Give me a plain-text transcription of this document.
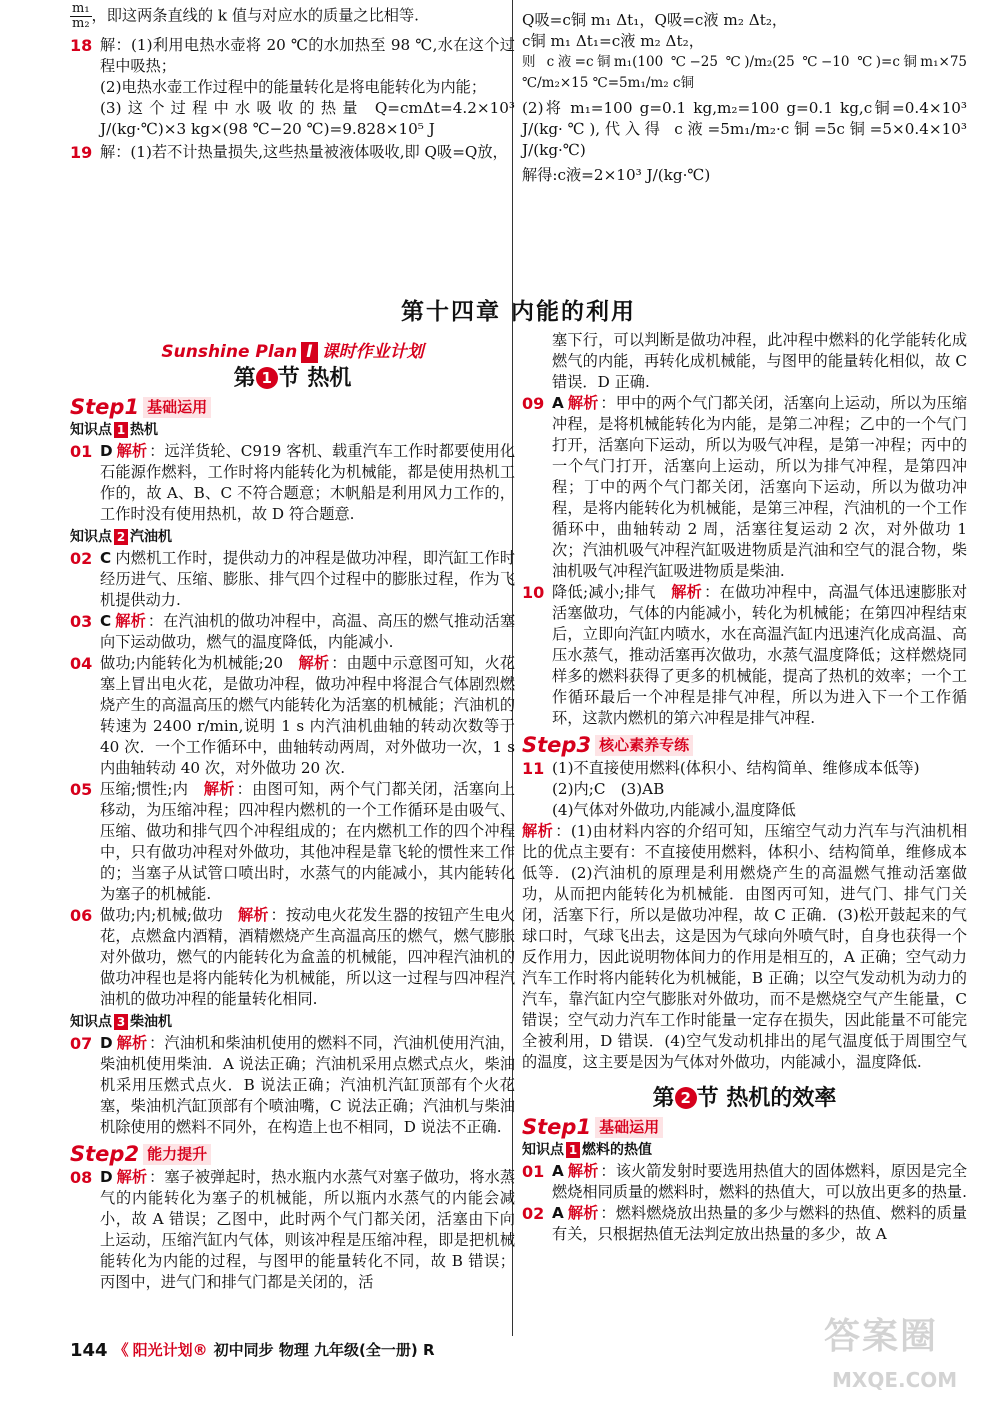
$\frac{\text{m₁}}{\text{m₂}}$ ，即这两条直线的 k 值与对应水的质量之比相等.
18 解：(1)利用电热水壶将 20 ℃的水加热至 98 ℃,水在这个过程中吸热；
(2)电热水壶工作过程中的能量转化是将电能转化为内能；
(3)这个过程中水吸收的热量 Q=cmΔt=4.2×10³ J/(kg·℃)×3 kg×(98 ℃−20 ℃)=9.828×10⁵ J
19 解：(1)若不计热量损失,这些热量被液体吸收,即 Q吸=Q放，
Q吸=c铜 m₁ Δt₁，Q吸=c液 m₂ Δt₂，
c铜 m₁ Δt₁=c液 m₂ Δt₂，
则 c液=c铜m₁(100 ℃−25 ℃)/m₂(25 ℃−10 ℃)=c铜m₁×75 ℃/m₂×15 ℃=5m₁/m₂ c铜
(2)将 m₁=100 g=0.1 kg,m₂=100 g=0.1 kg,c铜=0.4×10³ J/(kg·℃),代入得 c液=5m₁/m₂·c铜=5c铜=5×0.4×10³ J/(kg·℃)
解得:c液=2×10³ J/(kg·℃)
第十四章 内能的利用
Sunshine Plan I 课时作业计划
第 1 节 热机
Step 1 基础运用
知识点 1 热机
01 D 解析 ：远洋货轮、C919 客机、载重汽车工作时都要使用化石能源作燃料，工作时将内能转化为机械能，都是使用热机工作的，故 A、B、C 不符合题意；木帆船是利用风力工作的，工作时没有使用热机，故 D 符合题意.
知识点 2 汽油机
02 C 内燃机工作时，提供动力的冲程是做功冲程，即汽缸工作时经历进气、压缩、膨胀、排气四个过程中的膨胀过程，作为飞机提供动力.
03 C 解析 ：在汽油机的做功冲程中，高温、高压的燃气推动活塞向下运动做功，燃气的温度降低，内能减小.
04 做功;内能转化为机械能;20　 解析 ：由题中示意图可知，火花塞上冒出电火花，是做功冲程，做功冲程中将混合气体剧烈燃烧产生的高温高压的燃气内能转化为活塞的机械能；汽油机的转速为 2400 r/min,说明 1 s 内汽油机曲轴的转动次数等于 40 次．一个工作循环中，曲轴转动两周，对外做功一次，1 s 内曲轴转动 40 次，对外做功 20 次.
05 压缩;惯性;内　 解析 ：由图可知，两个气门都关闭，活塞向上移动，为压缩冲程；四冲程内燃机的一个工作循环是由吸气、压缩、做功和排气四个冲程组成的；在内燃机工作的四个冲程中，只有做功冲程对外做功，其他冲程是靠飞轮的惯性来工作的；当塞子从试管口喷出时，水蒸气的内能减小，其内能转化为塞子的机械能.
06 做功;内;机械;做功　 解析 ：按动电火花发生器的按钮产生电火花，点燃盒内酒精，酒精燃烧产生高温高压的燃气，燃气膨胀对外做功，燃气的内能转化为盒盖的机械能，四冲程汽油机的做功冲程也是将内能转化为机械能，所以这一过程与四冲程汽油机的做功冲程的能量转化相同.
知识点 3 柴油机
07 D 解析 ：汽油机和柴油机使用的燃料不同，汽油机使用汽油，柴油机使用柴油．A 说法正确；汽油机采用点燃式点火，柴油机采用压燃式点火．B 说法正确；汽油机汽缸顶部有个火花塞，柴油机汽缸顶部有个喷油嘴，C 说法正确；汽油机与柴油机除使用的燃料不同外，在构造上也不相同，D 说法不正确.
Step 2 能力提升
08 D 解析 ：塞子被弹起时，热水瓶内水蒸气对塞子做功，将水蒸气的内能转化为塞子的机械能，所以瓶内水蒸气的内能会减小，故 A 错误；乙图中，此时两个气门都关闭，活塞由下向上运动，压缩汽缸内气体，则该冲程是压缩冲程，即是把机械能转化为内能的过程，与图甲的能量转化不同，故 B 错误；丙图中，进气门和排气门都是关闭的，活
塞下行，可以判断是做功冲程，此冲程中燃料的化学能转化成燃气的内能，再转化成机械能，与图甲的能量转化相似，故 C 错误．D 正确.
09 A 解析 ：甲中的两个气门都关闭，活塞向上运动，所以为压缩冲程，是将机械能转化为内能，是第二冲程；乙中的一个气门打开，活塞向下运动，所以为吸气冲程，是第一冲程；丙中的一个气门打开，活塞向上运动，所以为排气冲程，是第四冲程；丁中的两个气门都关闭，活塞向下运动，所以为做功冲程，是将内能转化为机械能，是第三冲程，汽油机的一个工作循环中，曲轴转动 2 周，活塞往复运动 2 次，对外做功 1 次；汽油机吸气冲程汽缸吸进物质是汽油和空气的混合物，柴油机吸气冲程汽缸吸进物质是柴油.
10 降低;减小;排气　 解析 ：在做功冲程中，高温气体迅速膨胀对活塞做功，气体的内能减小，转化为机械能；在第四冲程结束后，立即向汽缸内喷水，水在高温汽缸内迅速汽化成高温、高压水蒸气，推动活塞再次做功，水蒸气温度降低；这样燃烧同样多的燃料获得了更多的机械能，提高了热机的效率；一个工作循环最后一个冲程是排气冲程，所以为进入下一个工作循环，这款内燃机的第六冲程是排气冲程.
Step 3 核心素养专练
11 (1)不直接使用燃料(体积小、结构简单、维修成本低等)
(2)内;C　(3)AB
(4)气体对外做功,内能减小,温度降低
解析 ：(1)由材料内容的介绍可知，压缩空气动力汽车与汽油机相比的优点主要有：不直接使用燃料，体积小、结构简单，维修成本低等．(2)汽油机的原理是利用燃烧产生的高温燃气推动活塞做功，从而把内能转化为机械能．由图丙可知，进气门、排气门关闭，活塞下行，所以是做功冲程，故 C 正确．(3)松开鼓起来的气球口时，气球飞出去，这是因为气球向外喷气时，自身也获得一个反作用力，因此说明物体间力的作用是相互的，A 正确；空气动力汽车工作时将内能转化为机械能，B 正确；以空气发动机为动力的汽车，靠汽缸内空气膨胀对外做功，而不是燃烧空气产生能量，C 错误；空气动力汽车工作时能量一定存在损失，因此能量不可能完全被利用，D 错误．(4)空气发动机排出的尾气温度低于周围空气的温度，这主要是因为气体对外做功，内能减小，温度降低.
第 2 节 热机的效率
Step 1 基础运用
知识点 1 燃料的热值
01 A 解析 ：该火箭发射时要选用热值大的固体燃料，原因是完全燃烧相同质量的燃料时，燃料的热值大，可以放出更多的热量.
02 A 解析 ：燃料燃烧放出热量的多少与燃料的热值、燃料的质量有关，只根据热值无法判定放出热量的多少，故 A
144 《 阳光计划® 初中同步 物理 九年级(全一册) R	答案圈
MXQE.COM
